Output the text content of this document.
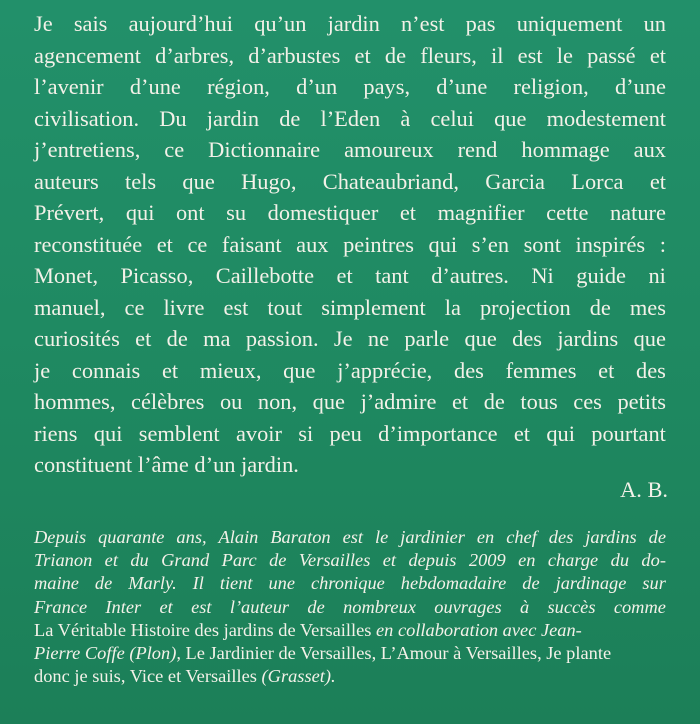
Je sais aujourd’hui qu’un jardin n’est pas uniquement un
agencement d’arbres, d’arbustes et de fleurs, il est le passé et
l’avenir d’une région, d’un pays, d’une religion, d’une
civilisation. Du jardin de l’Eden à celui que modestement
j’entretiens, ce Dictionnaire amoureux rend hommage aux
auteurs tels que Hugo, Chateaubriand, Garcia Lorca et
Prévert, qui ont su domestiquer et magnifier cette nature
reconstituée et ce faisant aux peintres qui s’en sont inspirés :
Monet, Picasso, Caillebotte et tant d’autres. Ni guide ni
manuel, ce livre est tout simplement la projection de mes
curiosités et de ma passion. Je ne parle que des jardins que
je connais et mieux, que j’apprécie, des femmes et des
hommes, célèbres ou non, que j’admire et de tous ces petits
riens qui semblent avoir si peu d’importance et qui pourtant
constituent l’âme d’un jardin.
A. B.
Depuis quarante ans, Alain Baraton est le jardinier en chef des jardins de
Trianon et du Grand Parc de Versailles et depuis 2009 en charge du do-
maine de Marly. Il tient une chronique hebdomadaire de jardinage sur
France Inter et est l’auteur de nombreux ouvrages à succès comme
La Véritable Histoire des jardins de Versailles en collaboration avec Jean-
Pierre Coffe (Plon), Le Jardinier de Versailles, L’Amour à Versailles, Je plante
donc je suis, Vice et Versailles (Grasset).
